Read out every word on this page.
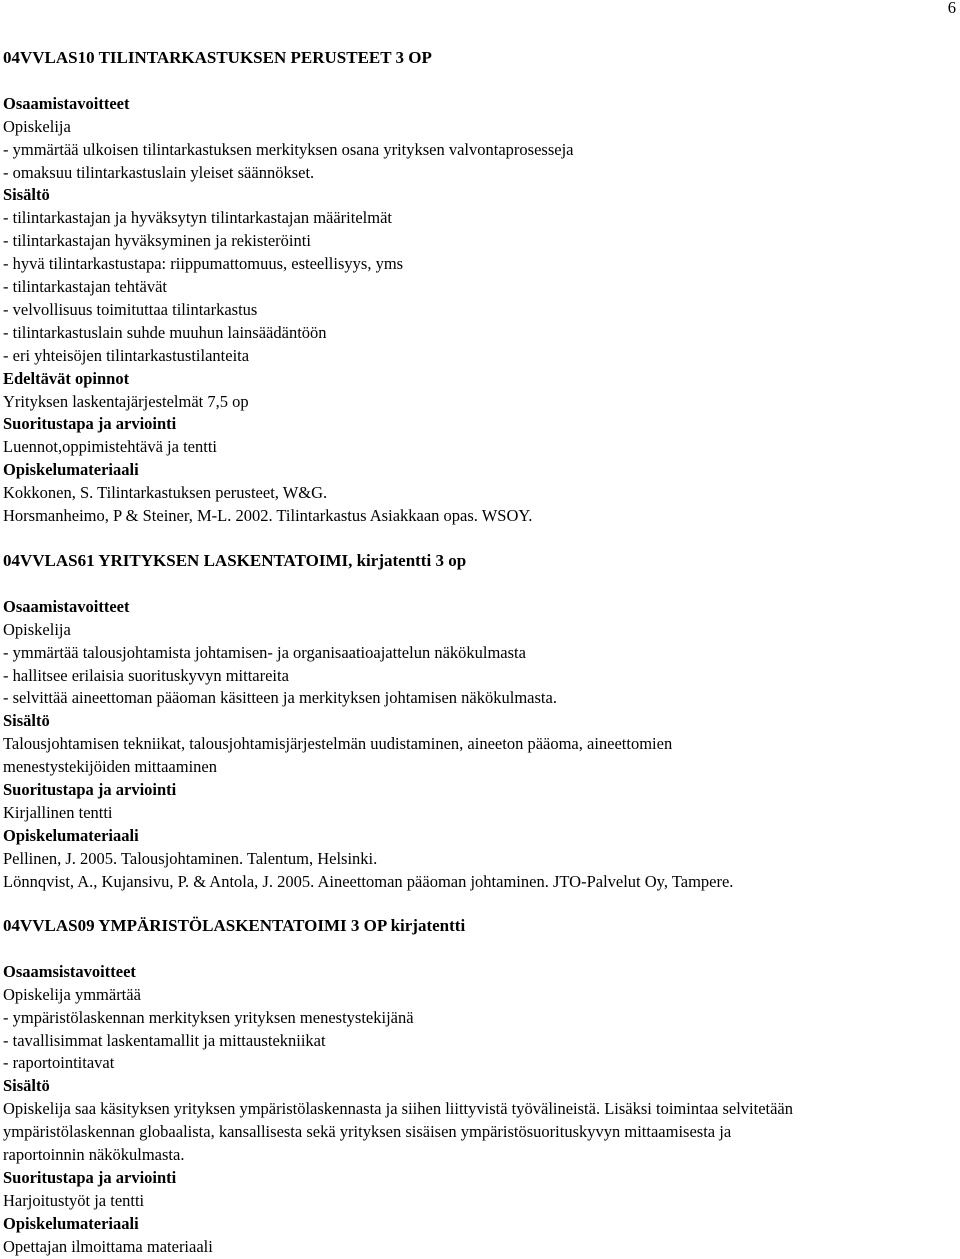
6
04VVLAS10 TILINTARKASTUKSEN PERUSTEET 3 OP
Osaamistavoitteet
Opiskelija
- ymmärtää ulkoisen tilintarkastuksen merkityksen osana yrityksen valvontaprosesseja
- omaksuu tilintarkastuslain yleiset säännökset.
Sisältö
- tilintarkastajan ja hyväksytyn tilintarkastajan määritelmät
- tilintarkastajan hyväksyminen ja rekisteröinti
- hyvä tilintarkastustapa: riippumattomuus, esteellisyys, yms
- tilintarkastajan tehtävät
- velvollisuus toimituttaa tilintarkastus
- tilintarkastuslain suhde muuhun lainsäädäntöön
- eri yhteisöjen tilintarkastustilanteita
Edeltävät opinnot
Yrityksen laskentajärjestelmät 7,5 op
Suoritustapa ja arviointi
Luennot,oppimistehtävä ja tentti
Opiskelumateriaali
Kokkonen, S. Tilintarkastuksen perusteet, W&G.
Horsmanheimo, P & Steiner, M-L. 2002. Tilintarkastus Asiakkaan opas. WSOY.
04VVLAS61 YRITYKSEN LASKENTATOIMI, kirjatentti 3 op
Osaamistavoitteet
Opiskelija
- ymmärtää talousjohtamista johtamisen- ja organisaatioajattelun näkökulmasta
- hallitsee erilaisia suorituskyvyn mittareita
- selvittää aineettoman pääoman käsitteen ja merkityksen johtamisen näkökulmasta.
Sisältö
Talousjohtamisen tekniikat, talousjohtamisjärjestelmän uudistaminen, aineeton pääoma, aineettomien
menestystekijöiden mittaaminen
Suoritustapa ja arviointi
Kirjallinen tentti
Opiskelumateriaali
Pellinen, J. 2005. Talousjohtaminen. Talentum, Helsinki.
Lönnqvist, A., Kujansivu, P. & Antola, J. 2005. Aineettoman pääoman johtaminen. JTO-Palvelut Oy, Tampere.
04VVLAS09 YMPÄRISTÖLASKENTATOIMI 3 OP kirjatentti
Osaamsistavoitteet
Opiskelija ymmärtää
- ympäristölaskennan merkityksen yrityksen menestystekijänä
- tavallisimmat laskentamallit ja mittaustekniikat
- raportointitavat
Sisältö
Opiskelija saa käsityksen yrityksen ympäristölaskennasta ja siihen liittyvistä työvälineistä. Lisäksi toimintaa selvitetään
ympäristölaskennan globaalista, kansallisesta sekä yrityksen sisäisen ympäristösuorituskyvyn mittaamisesta ja
raportoinnin näkökulmasta.
Suoritustapa ja arviointi
Harjoitustyöt ja tentti
Opiskelumateriaali
Opettajan ilmoittama materiaali
